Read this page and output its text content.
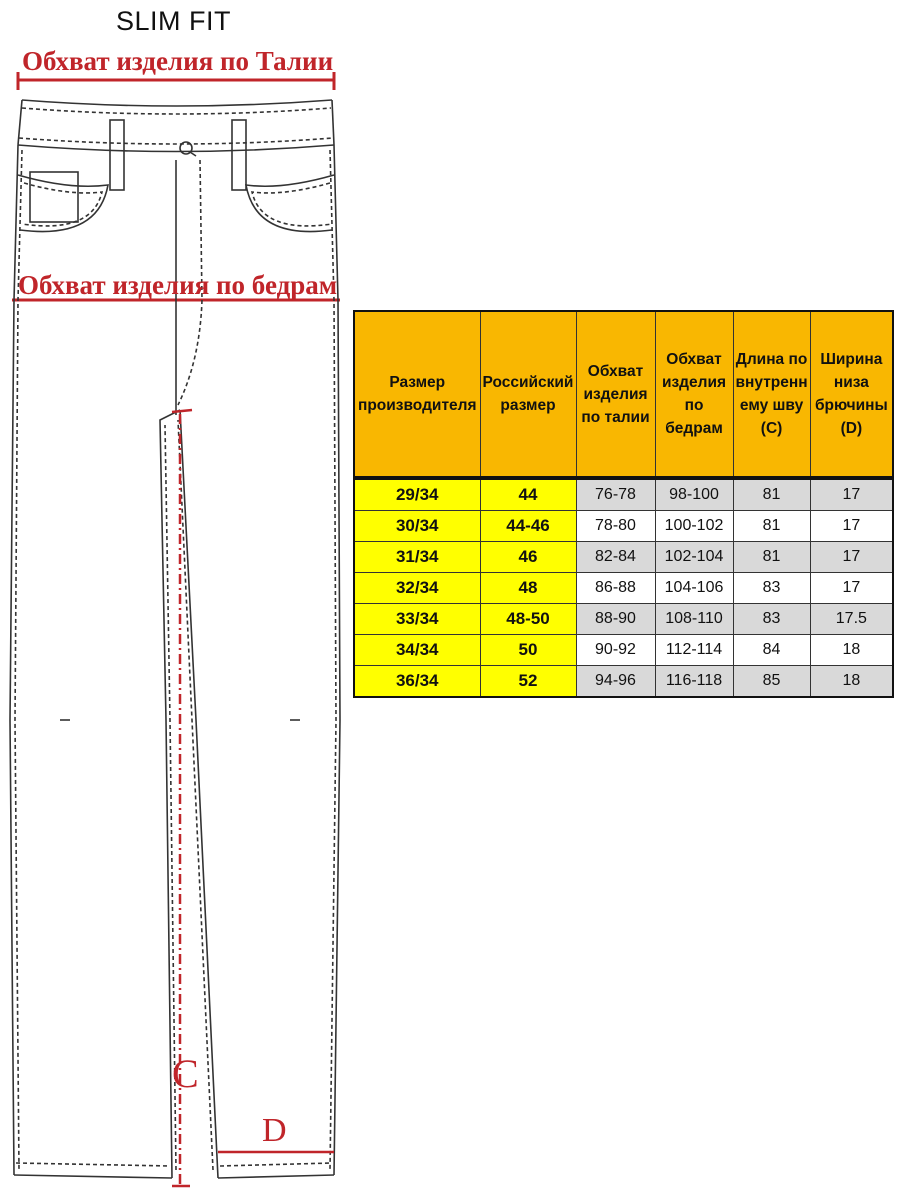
SLIM FIT
Обхват изделия по Талии
Обхват изделия по бедрам
C
D
Размер производителя	Российский размер	Обхват изделия по талии	Обхват изделия по бедрам	Длина по внутренн ему шву (C)	Ширина низа брючины (D)
29/34	44	76-78	98-100	81	17
30/34	44-46	78-80	100-102	81	17
31/34	46	82-84	102-104	81	17
32/34	48	86-88	104-106	83	17
33/34	48-50	88-90	108-110	83	17.5
34/34	50	90-92	112-114	84	18
36/34	52	94-96	116-118	85	18
